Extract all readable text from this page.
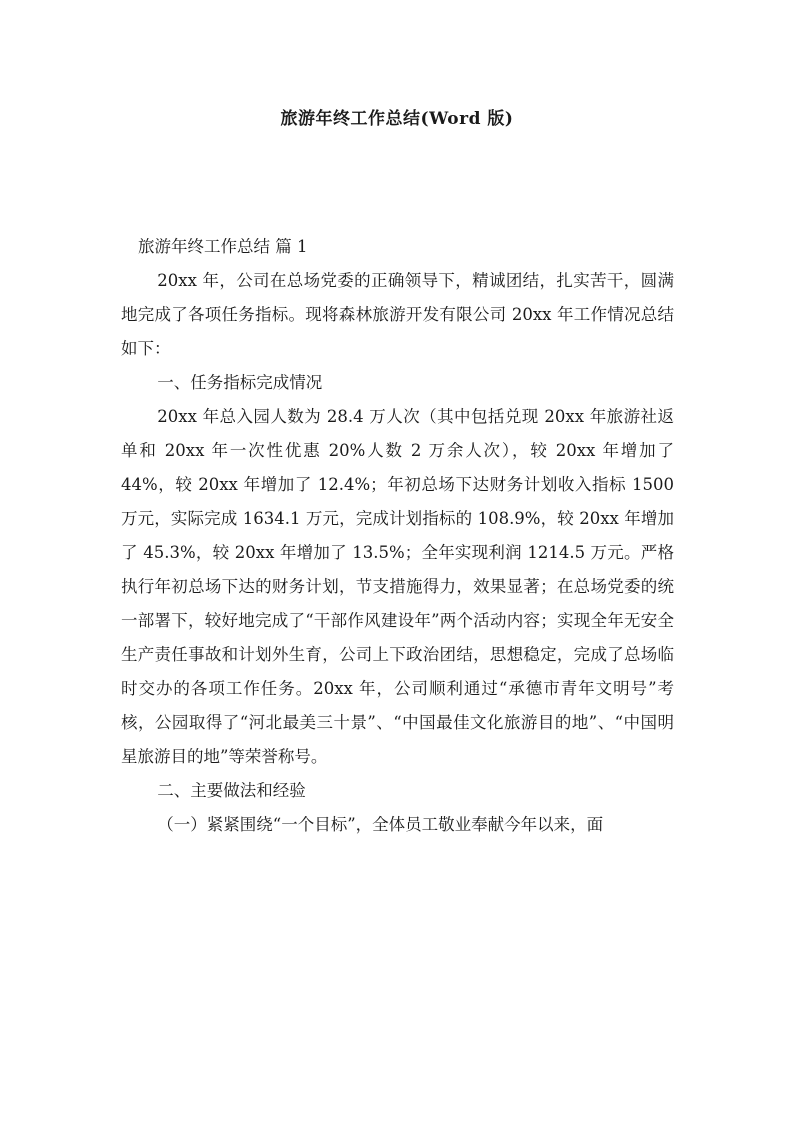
旅游年终工作总结(Word 版)

旅游年终工作总结 篇 1

20xx 年，公司在总场党委的正确领导下，精诚团结，扎实苦干，圆满地完成了各项任务指标。现将森林旅游开发有限公司 20xx 年工作情况总结如下：

一、任务指标完成情况

20xx 年总入园人数为 28.4 万人次（其中包括兑现 20xx 年旅游社返单和 20xx 年一次性优惠 20%人数 2 万余人次），较 20xx 年增加了 44%，较 20xx 年增加了 12.4%；年初总场下达财务计划收入指标 1500 万元，实际完成 1634.1 万元，完成计划指标的 108.9%，较 20xx 年增加了 45.3%，较 20xx 年增加了 13.5%；全年实现利润 1214.5 万元。严格执行年初总场下达的财务计划，节支措施得力，效果显著；在总场党委的统一部署下，较好地完成了“干部作风建设年”两个活动内容；实现全年无安全生产责任事故和计划外生育，公司上下政治团结，思想稳定，完成了总场临时交办的各项工作任务。20xx 年，公司顺利通过“承德市青年文明号”考核，公园取得了“河北最美三十景”、“中国最佳文化旅游目的地”、“中国明星旅游目的地”等荣誉称号。

二、主要做法和经验

（一）紧紧围绕“一个目标”，全体员工敬业奉献今年以来，面
